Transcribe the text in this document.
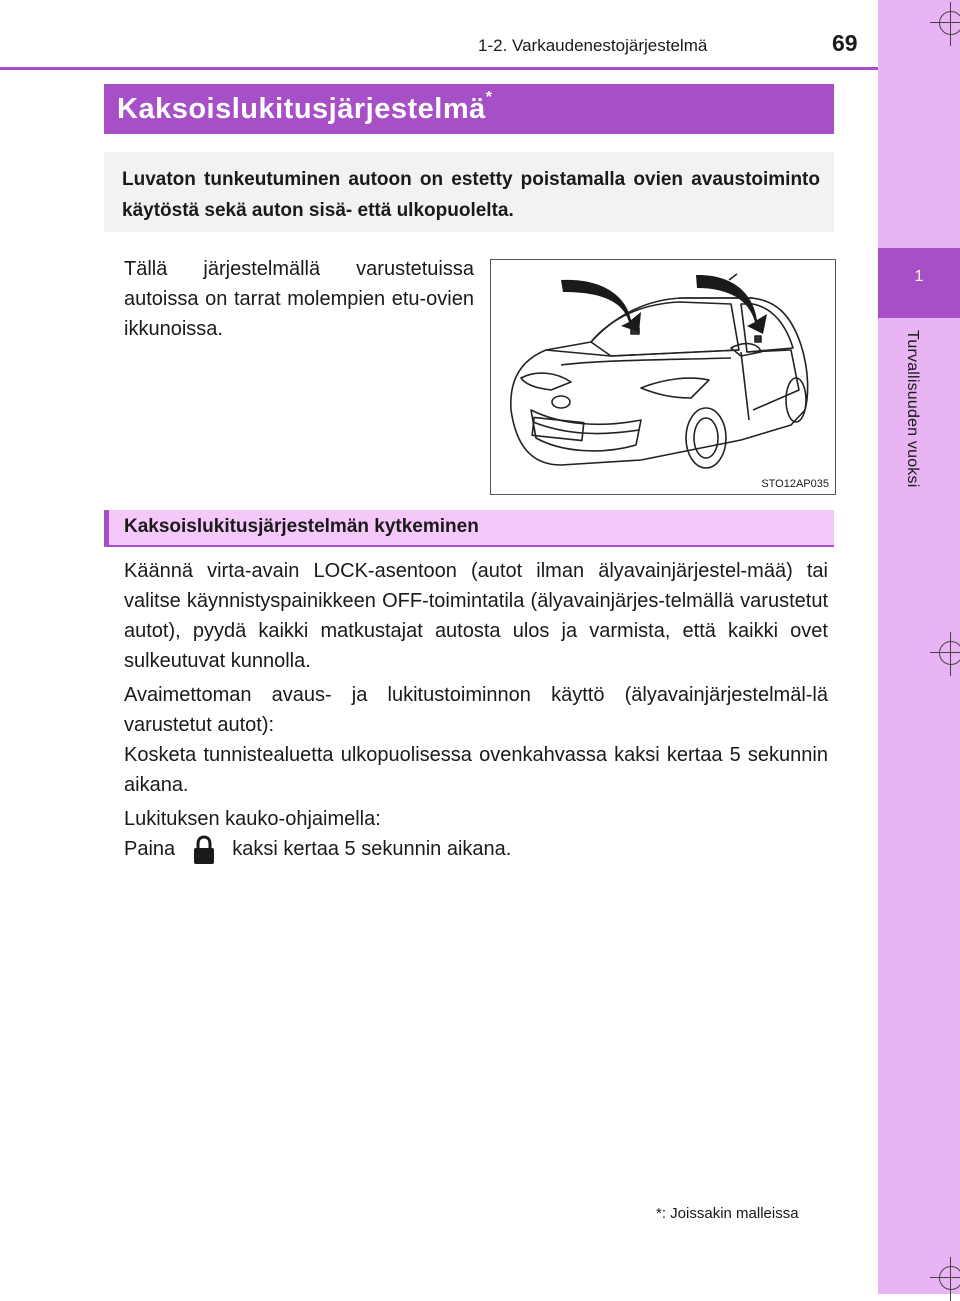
1-2. Varkaudenestojärjestelmä	69
1
Turvallisuuden vuoksi
Kaksoislukitusjärjestelmä*
Luvaton tunkeutuminen autoon on estetty poistamalla ovien avaustoiminto käytöstä sekä auton sisä- että ulkopuolelta.
Tällä järjestelmällä varustetuissa autoissa on tarrat molempien etu-ovien ikkunoissa.
STO12AP035
Kaksoislukitusjärjestelmän kytkeminen
Käännä virta-avain LOCK-asentoon (autot ilman älyavainjärjestel-mää) tai valitse käynnistyspainikkeen OFF-toimintatila (älyavainjärjes-telmällä varustetut autot), pyydä kaikki matkustajat autosta ulos ja varmista, että kaikki ovet sulkeutuvat kunnolla.
Avaimettoman avaus- ja lukitustoiminnon käyttö (älyavainjärjestelmäl-lä varustetut autot):
Kosketa tunnistealuetta ulkopuolisessa ovenkahvassa kaksi kertaa 5 sekunnin aikana.
Lukituksen kauko-ohjaimella:
Paina	kaksi kertaa 5 sekunnin aikana.
*: Joissakin malleissa
